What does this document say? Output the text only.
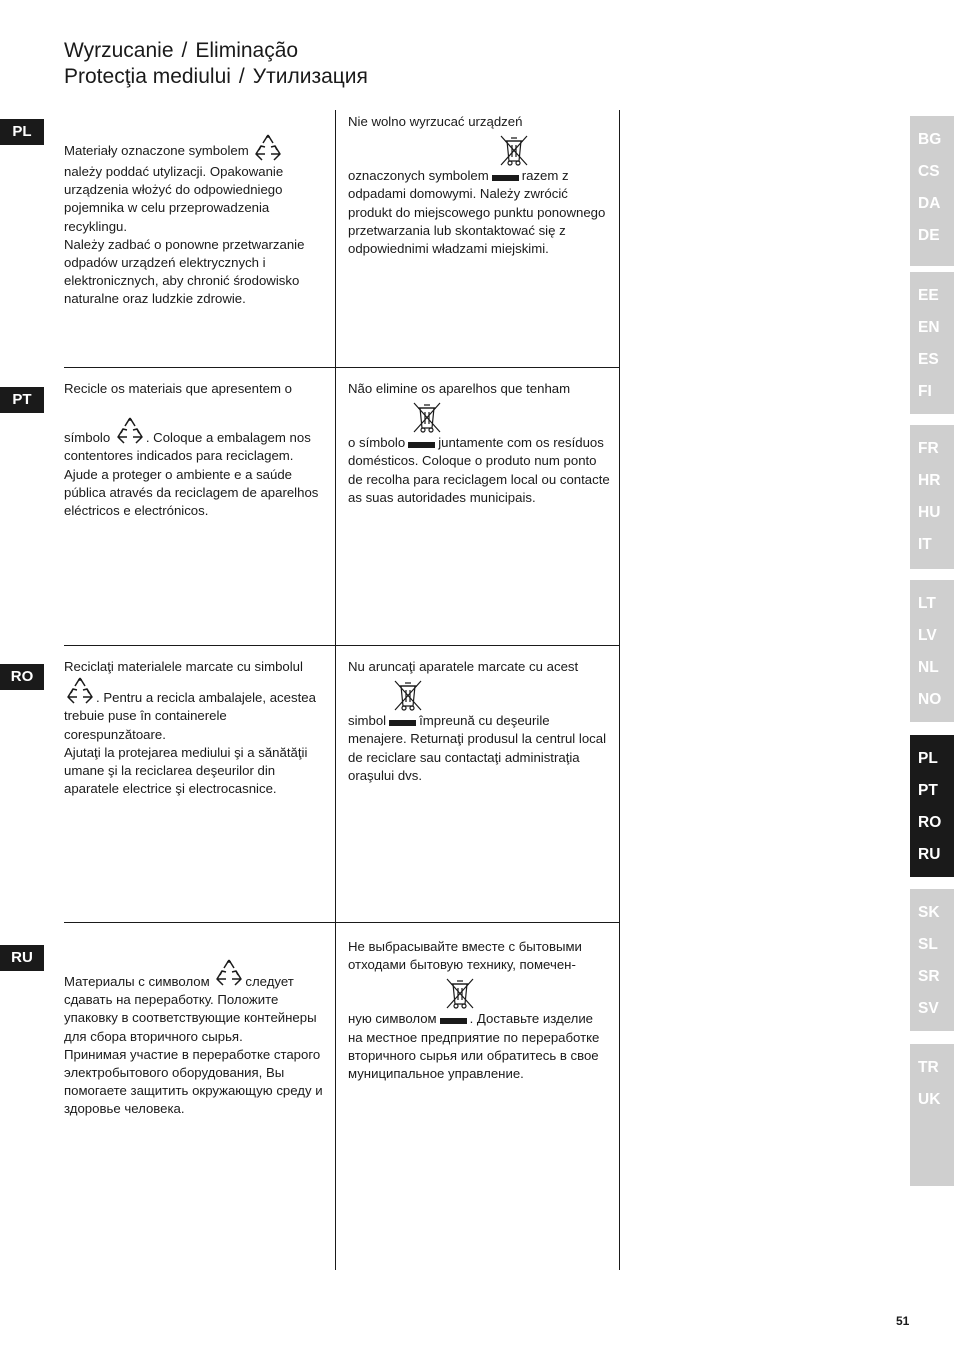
Wyrzucanie / Eliminação
Protecţia mediului / Утилизация
PL
PT
RO
RU

Materiały oznaczone symbolem

należy poddać utylizacji. Opakowanie urządzenia włożyć do odpowiedniego pojemnika w celu przeprowadzenia recyklingu.

Należy zadbać o ponowne przetwarzanie odpadów urządzeń elektrycznych i elektronicznych, aby chronić środowisko naturalne oraz ludzkie zdrowie.

Nie wolno wyrzucać urządzeń

oznaczonych symbolem	razem z odpadami domowymi. Należy zwrócić produkt do miejscowego punktu ponownego przetwarzania lub skontaktować się z odpowiednimi władzami miejskimi.

Recicle os materiais que apresentem o

símbolo	. Coloque a embalagem nos contentores indicados para reciclagem. Ajude a proteger o ambiente e a saúde pública através da reciclagem de aparelhos eléctricos e electrónicos.

Não elimine os aparelhos que tenham

o símbolo	juntamente com os resíduos domésticos. Coloque o produto num ponto de recolha para reciclagem local ou contacte as suas autoridades municipais.

Reciclaţi materialele marcate cu simbolul

. Pentru a recicla ambalajele, acestea trebuie puse în containerele corespunzătoare.

Ajutaţi la protejarea mediului şi a sănătăţii umane şi la reciclarea deşeurilor din aparatele electrice şi electrocasnice.

Nu aruncaţi aparatele marcate cu acest

simbol	împreună cu deşeurile menajere. Returnaţi produsul la centrul local de reciclare sau contactaţi administraţia oraşului dvs.

Материалы с символом	следует сдавать на переработку. Положите упаковку в соответствующие контейнеры для сбора вторичного сырья.

Принимая участие в переработке старого электробытового оборудования, Вы помогаете защитить окружающую среду и здоровье человека.

Не выбрасывайте вместе с бытовыми отходами бытовую технику, помечен-

ную символом	. Доставьте изделие на местное предприятие по переработке вторичного сырья или обратитесь в свое муниципальное управление.

BG
CS
DA
DE
EE
EN
ES
FI
FR
HR
HU
IT
LT
LV
NL
NO
PL
PT
RO
RU
SK
SL
SR
SV
TR
UK
51
